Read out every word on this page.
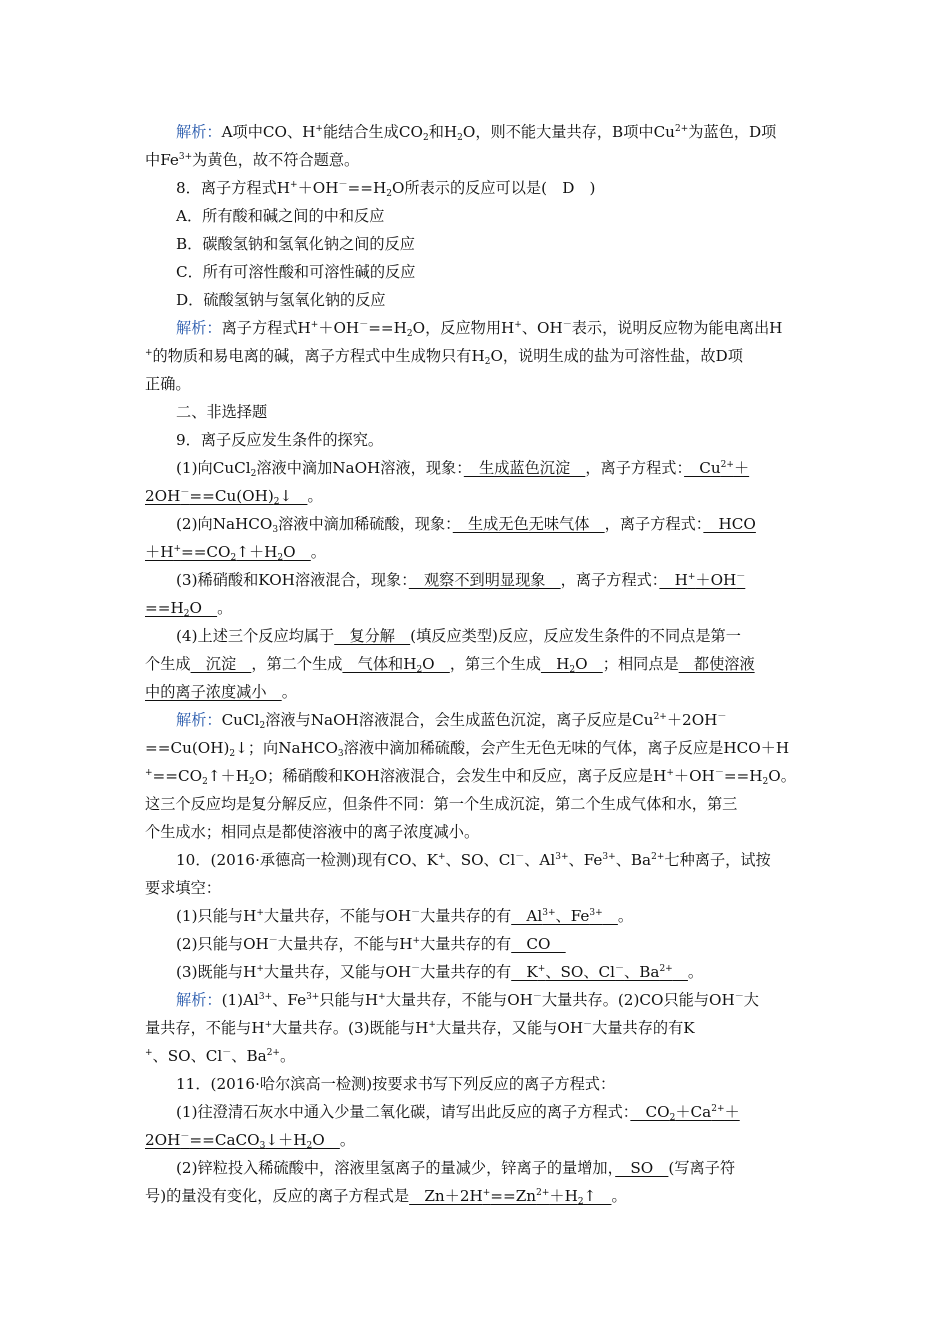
解析：A项中CO、H+能结合生成$CO_2$和$H_2O$，则不能大量共存，B项中$Cu^{2+}$为蓝色，D项
中$Fe^{3+}$为黄色，故不符合题意。
8．离子方程式$H^++OH^-==H_2O$所表示的反应可以是(　D　)
A．所有酸和碱之间的中和反应
B．碳酸氢钠和氢氧化钠之间的反应
C．所有可溶性酸和可溶性碱的反应
D．硫酸氢钠与氢氧化钠的反应
解析：离子方程式$H^++OH^-==H_2O$，反应物用H+、OH－表示，说明反应物为能电离出H
+的物质和易电离的碱，离子方程式中生成物只有$H_2O$，说明生成的盐为可溶性盐，故D项
正确。
二、非选择题
9．离子反应发生条件的探究。
(1)向CuCl$_2$溶液中滴加NaOH溶液，现象：　生成蓝色沉淀　，离子方程式：　$Cu^{2+}+$
$2OH^-==Cu(OH)_2↓$　。
(2)向NaHCO$_3$溶液中滴加稀硫酸，现象：　生成无色无味气体　，离子方程式：　HCO
$+H^+==CO_2↑+H_2O$　。
(3)稀硝酸和KOH溶液混合，现象：　观察不到明显现象　，离子方程式：　H+＋OH－
$==H_2O$　。
(4)上述三个反应均属于　复分解　(填反应类型)反应，反应发生条件的不同点是第一
个生成　沉淀　，第二个生成　气体和$H_2O$　，第三个生成　$H_2O$　；相同点是　都使溶液
中的离子浓度减小　。
解析：CuCl$_2$溶液与NaOH溶液混合，会生成蓝色沉淀，离子反应是$Cu^{2+}+2OH^-$
$==Cu(OH)_2↓$；向NaHCO$_3$溶液中滴加稀硫酸，会产生无色无味的气体，离子反应是HCO＋H
$^+==CO_2↑+H_2O$；稀硝酸和KOH溶液混合，会发生中和反应，离子反应是$H^++OH^-==H_2O$。
这三个反应均是复分解反应，但条件不同：第一个生成沉淀，第二个生成气体和水，第三
个生成水；相同点是都使溶液中的离子浓度减小。
10．(2016·承德高一检测)现有CO、K+、SO、Cl－、$Al^{3+}$、$Fe^{3+}$、$Ba^{2+}$七种离子，试按
要求填空：
(1)只能与H+大量共存，不能与OH－大量共存的有　$Al^{3+}$、$Fe^{3+}$　 。
(2)只能与OH－大量共存，不能与H+大量共存的有　CO　
(3)既能与H+大量共存，又能与OH－大量共存的有　K+、SO、Cl－、$Ba^{2+}$　 。
解析：$(1)Al^{3+}$、$Fe^{3+}$只能与H+大量共存，不能与OH－大量共存。(2)CO只能与OH－大
量共存，不能与H+大量共存。(3)既能与H+大量共存，又能与OH－大量共存的有K
+、SO、Cl－、$Ba^{2+}$。
11．(2016·哈尔滨高一检测)按要求书写下列反应的离子方程式：
(1)往澄清石灰水中通入少量二氧化碳，请写出此反应的离子方程式：　$CO_2+Ca^{2+}+$
$2OH^-==CaCO_3↓+H_2O$　。
(2)锌粒投入稀硫酸中，溶液里氢离子的量减少，锌离子的量增加，　SO　(写离子符
号)的量没有变化，反应的离子方程式是　$Zn+2H^+==Zn^{2+}+H_2↑$　。
